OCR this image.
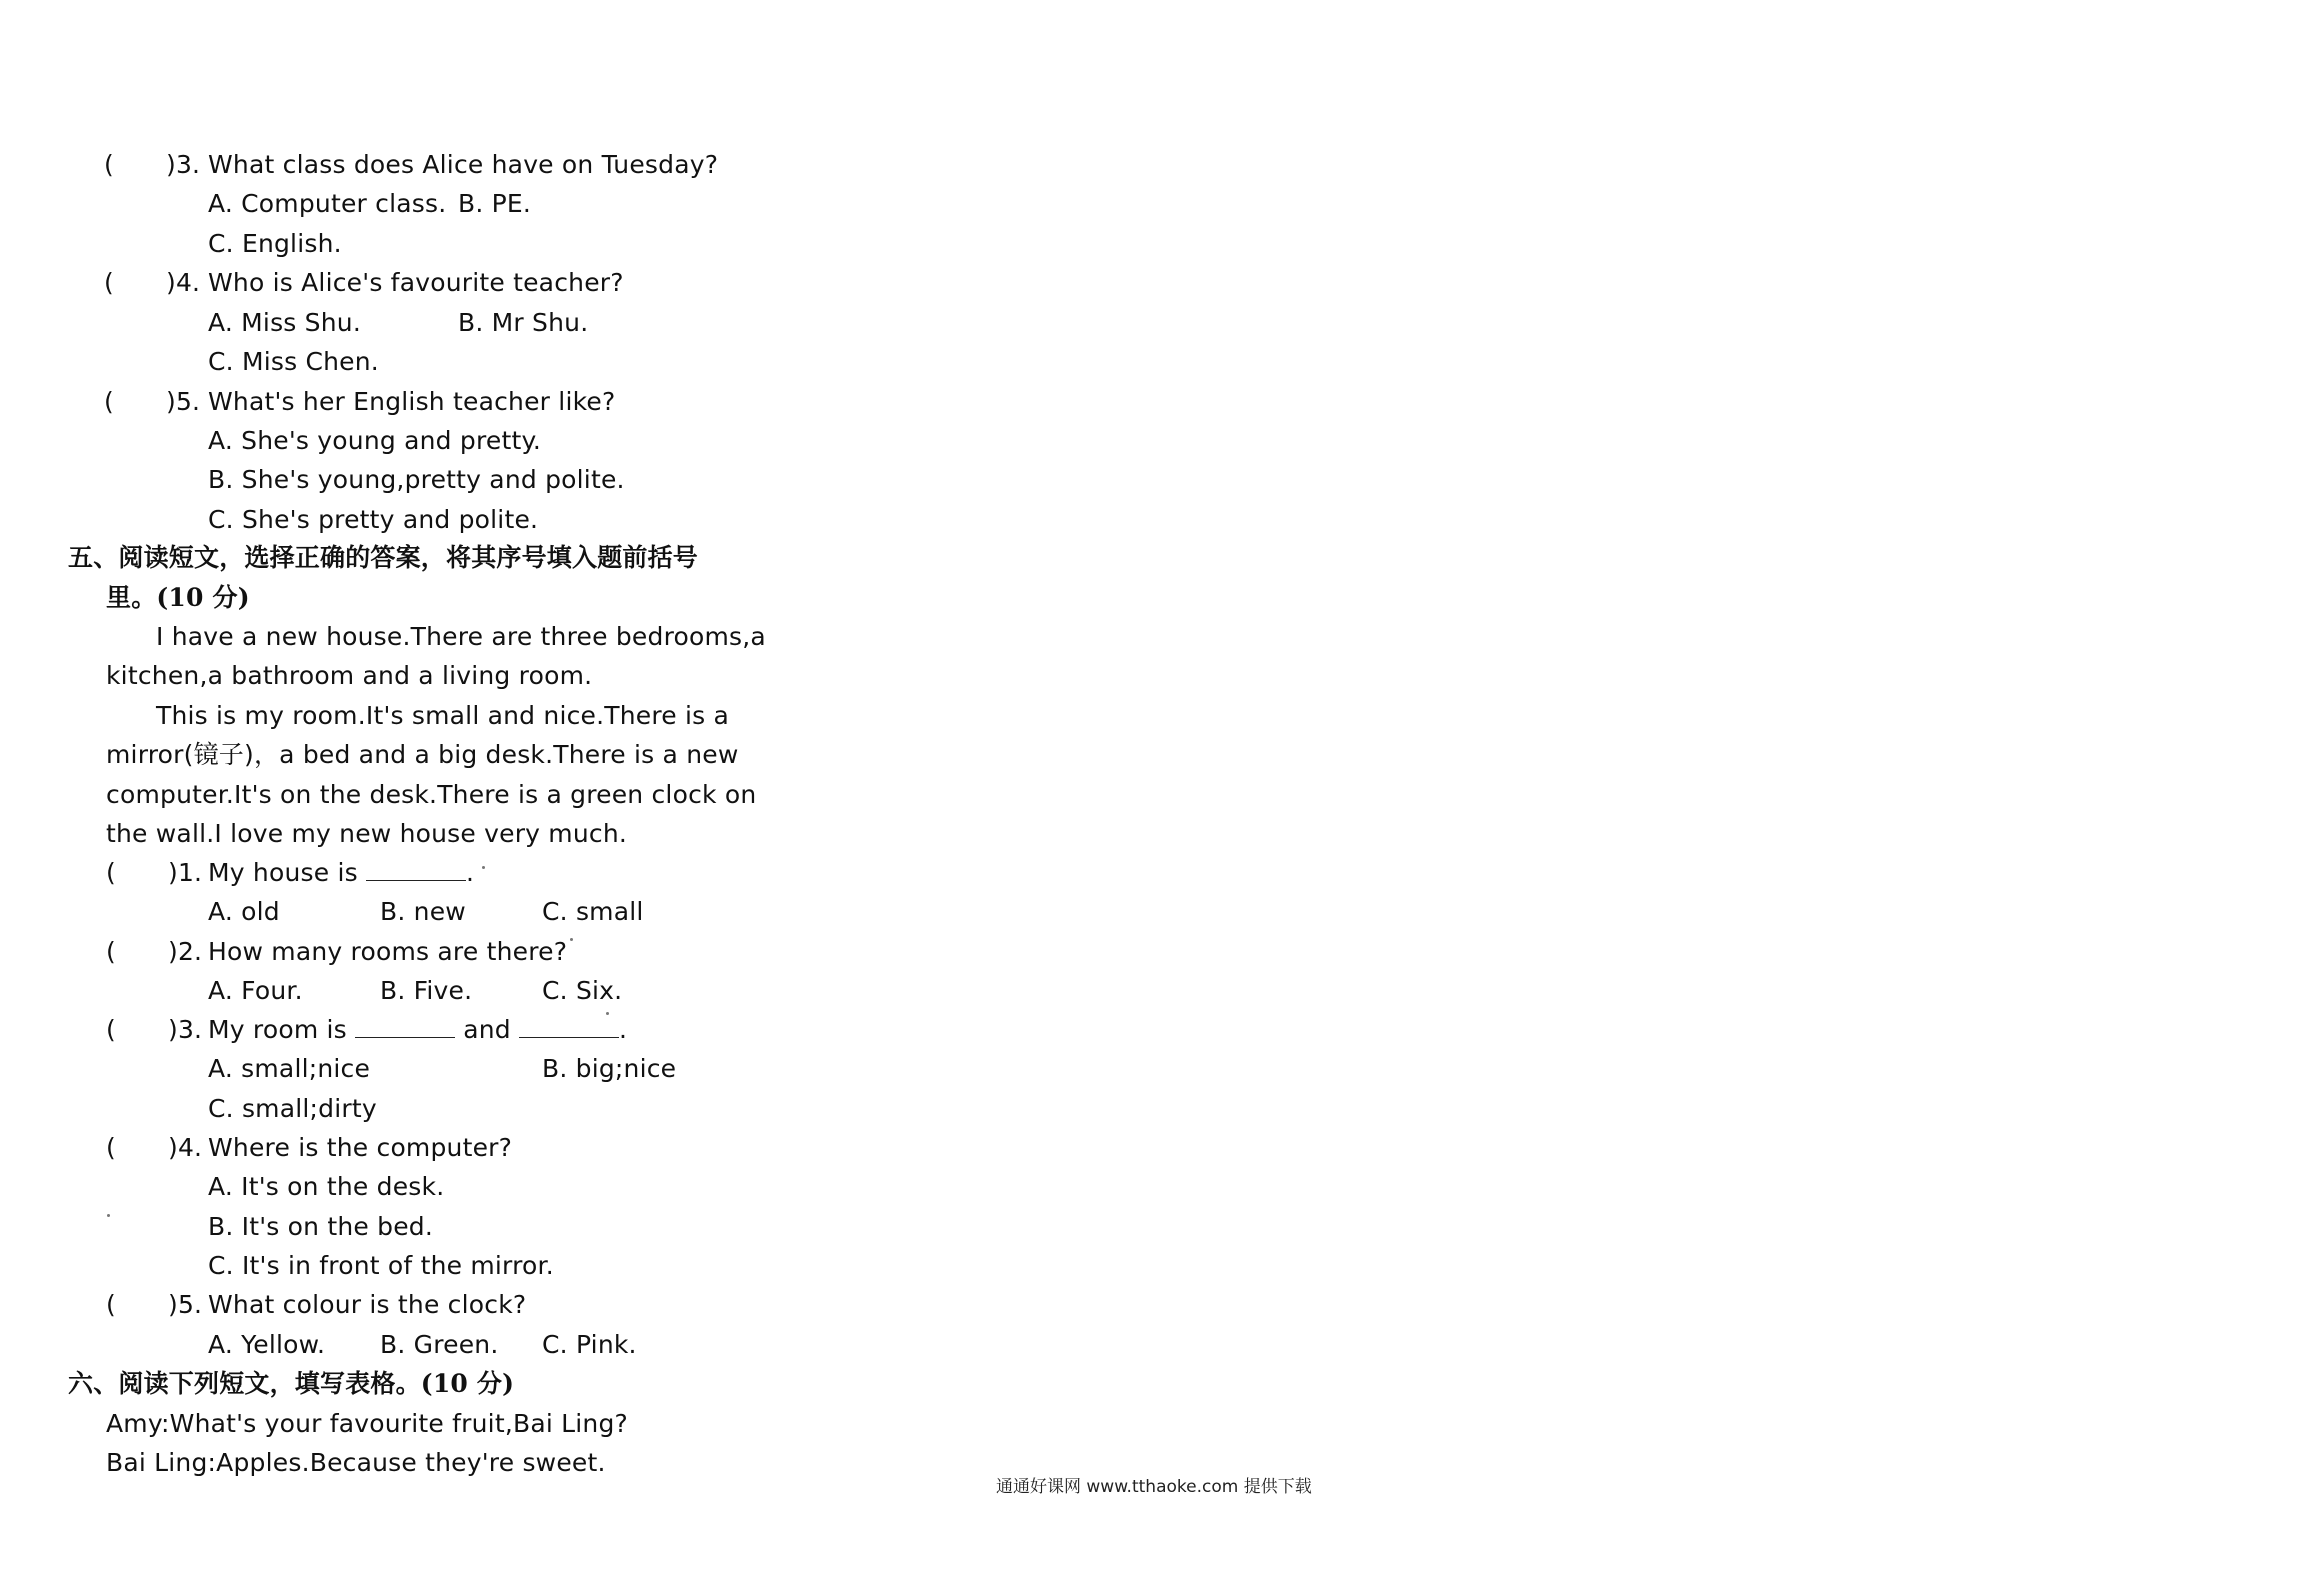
( )3. What class does Alice have on Tuesday?
A. Computer class. B. PE.
C. English.
( )4. Who is Alice's favourite teacher?
A. Miss Shu.	B. Mr Shu.
C. Miss Chen.
( )5. What's her English teacher like?
A. She's young and pretty.
B. She's young,pretty and polite.
C. She's pretty and polite.
五、阅读短文，选择正确的答案，将其序号填入题前括号
里。(10 分)
I have a new house.There are three bedrooms,a
kitchen,a bathroom and a living room.
This is my room.It's small and nice.There is a
mirror(镜子)，a bed and a big desk.There is a new
computer.It's on the desk.There is a green clock on
the wall.I love my new house very much.
( )1. My house is	.
A. old	B. new	C. small
( )2. How many rooms are there?
A. Four.	B. Five.	C. Six.
( )3. My room is	and	.
A. small;nice	B. big;nice
C. small;dirty
( )4. Where is the computer?
A. It's on the desk.
B. It's on the bed.
C. It's in front of the mirror.
( )5. What colour is the clock?
A. Yellow. B. Green. C. Pink.
六、阅读下列短文，填写表格。(10 分)
Amy:What's your favourite fruit,Bai Ling?
Bai Ling:Apples.Because they're sweet.
通通好课网 www.tthaoke.com 提供下载
